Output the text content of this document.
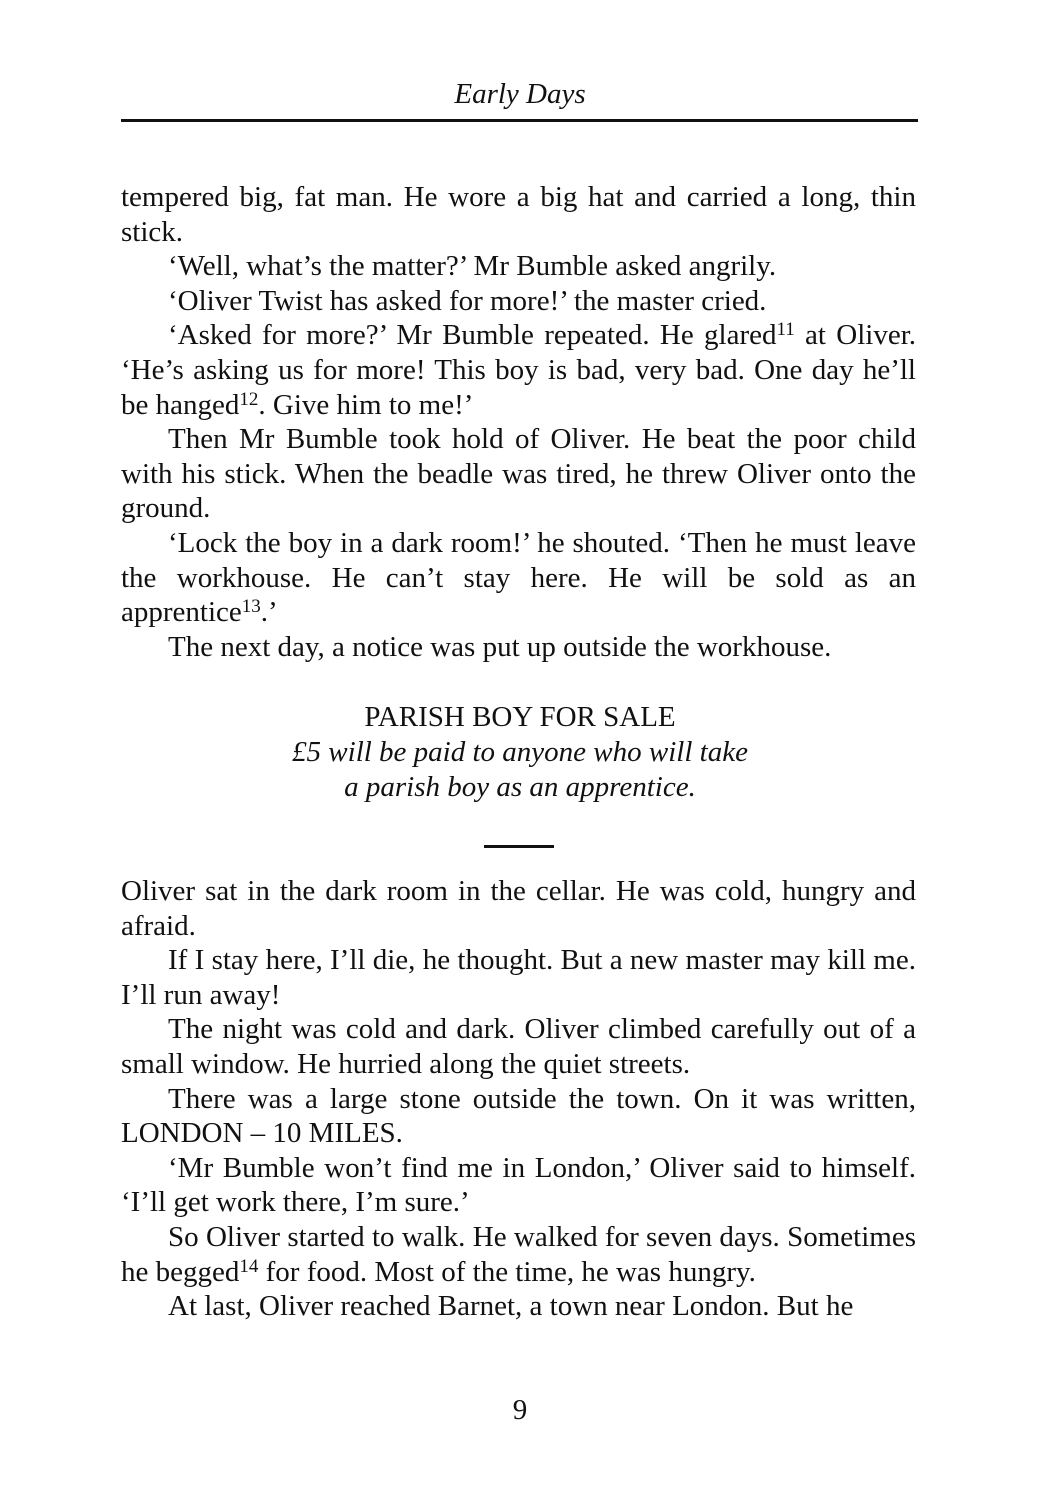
Early Days

tempered big, fat man. He wore a big hat and carried a long, thin stick.

‘Well, what’s the matter?’ Mr Bumble asked angrily.

‘Oliver Twist has asked for more!’ the master cried.

‘Asked for more?’ Mr Bumble repeated. He glared$^{11}$ at Oliver. ‘He’s asking us for more! This boy is bad, very bad. One day he’ll be hanged$^{12}$. Give him to me!’

Then Mr Bumble took hold of Oliver. He beat the poor child with his stick. When the beadle was tired, he threw Oliver onto the ground.

‘Lock the boy in a dark room!’ he shouted. ‘Then he must leave the workhouse. He can’t stay here. He will be sold as an apprentice$^{13}$.’

The next day, a notice was put up outside the workhouse.

PARISH BOY FOR SALE
£5 will be paid to anyone who will take
a parish boy as an apprentice.

Oliver sat in the dark room in the cellar. He was cold, hungry and afraid.

If I stay here, I’ll die, he thought. But a new master may kill me. I’ll run away!

The night was cold and dark. Oliver climbed carefully out of a small window. He hurried along the quiet streets.

There was a large stone outside the town. On it was written, LONDON – 10 MILES.

‘Mr Bumble won’t find me in London,’ Oliver said to himself. ‘I’ll get work there, I’m sure.’

So Oliver started to walk. He walked for seven days. Sometimes he begged$^{14}$ for food. Most of the time, he was hungry.

At last, Oliver reached Barnet, a town near London. But he

9
